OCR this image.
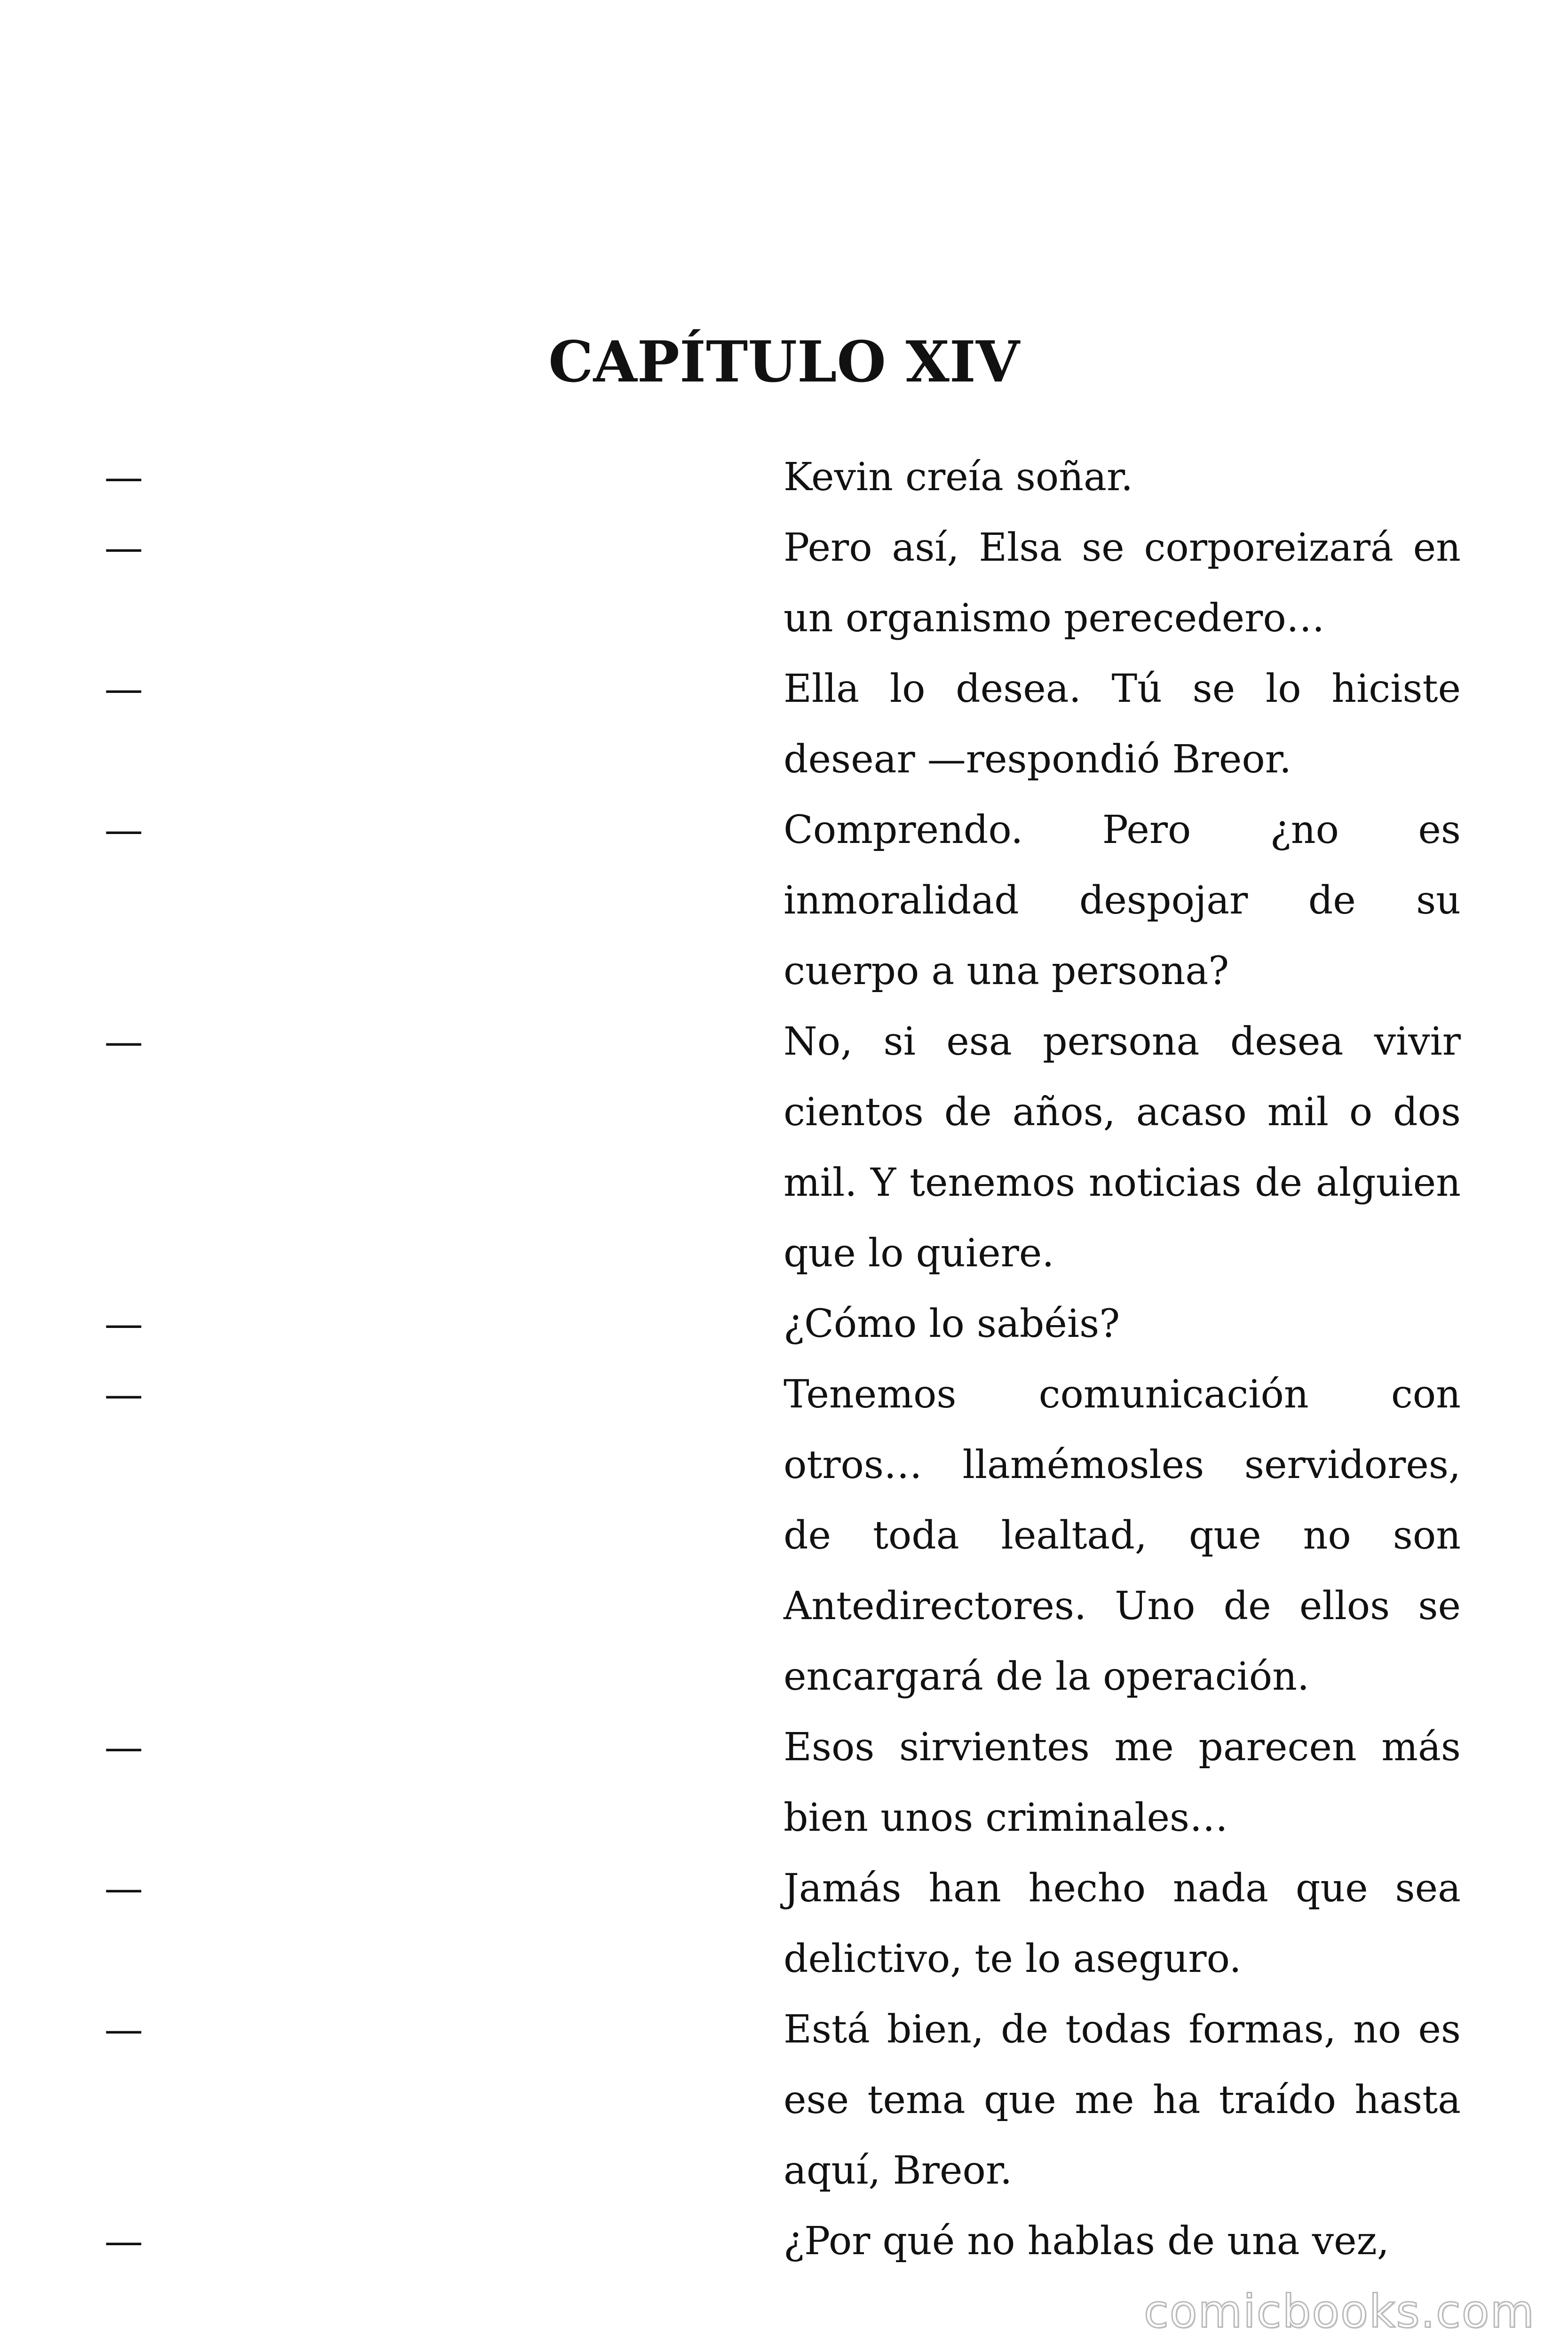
CAPÍTULO XIV
—	Kevin creía soñar.
—	Pero así, Elsa se corporeizará en un organismo perecedero…
—	Ella lo desea. Tú se lo hiciste desear —respondió Breor.
—	Comprendo. Pero ¿no es inmoralidad despojar de su cuerpo a una persona?
—	No, si esa persona desea vivir cientos de años, acaso mil o dos mil. Y tenemos noticias de alguien que lo quiere.
—	¿Cómo lo sabéis?
—	Tenemos comunicación con otros… llamémosles servidores, de toda lealtad, que no son Antedirectores. Uno de ellos se encargará de la operación.
—	Esos sirvientes me parecen más bien unos criminales…
—	Jamás han hecho nada que sea delictivo, te lo aseguro.
—	Está bien, de todas formas, no es ese tema que me ha traído hasta aquí, Breor.
—	¿Por qué no hablas de una vez,
comicbooks.com
